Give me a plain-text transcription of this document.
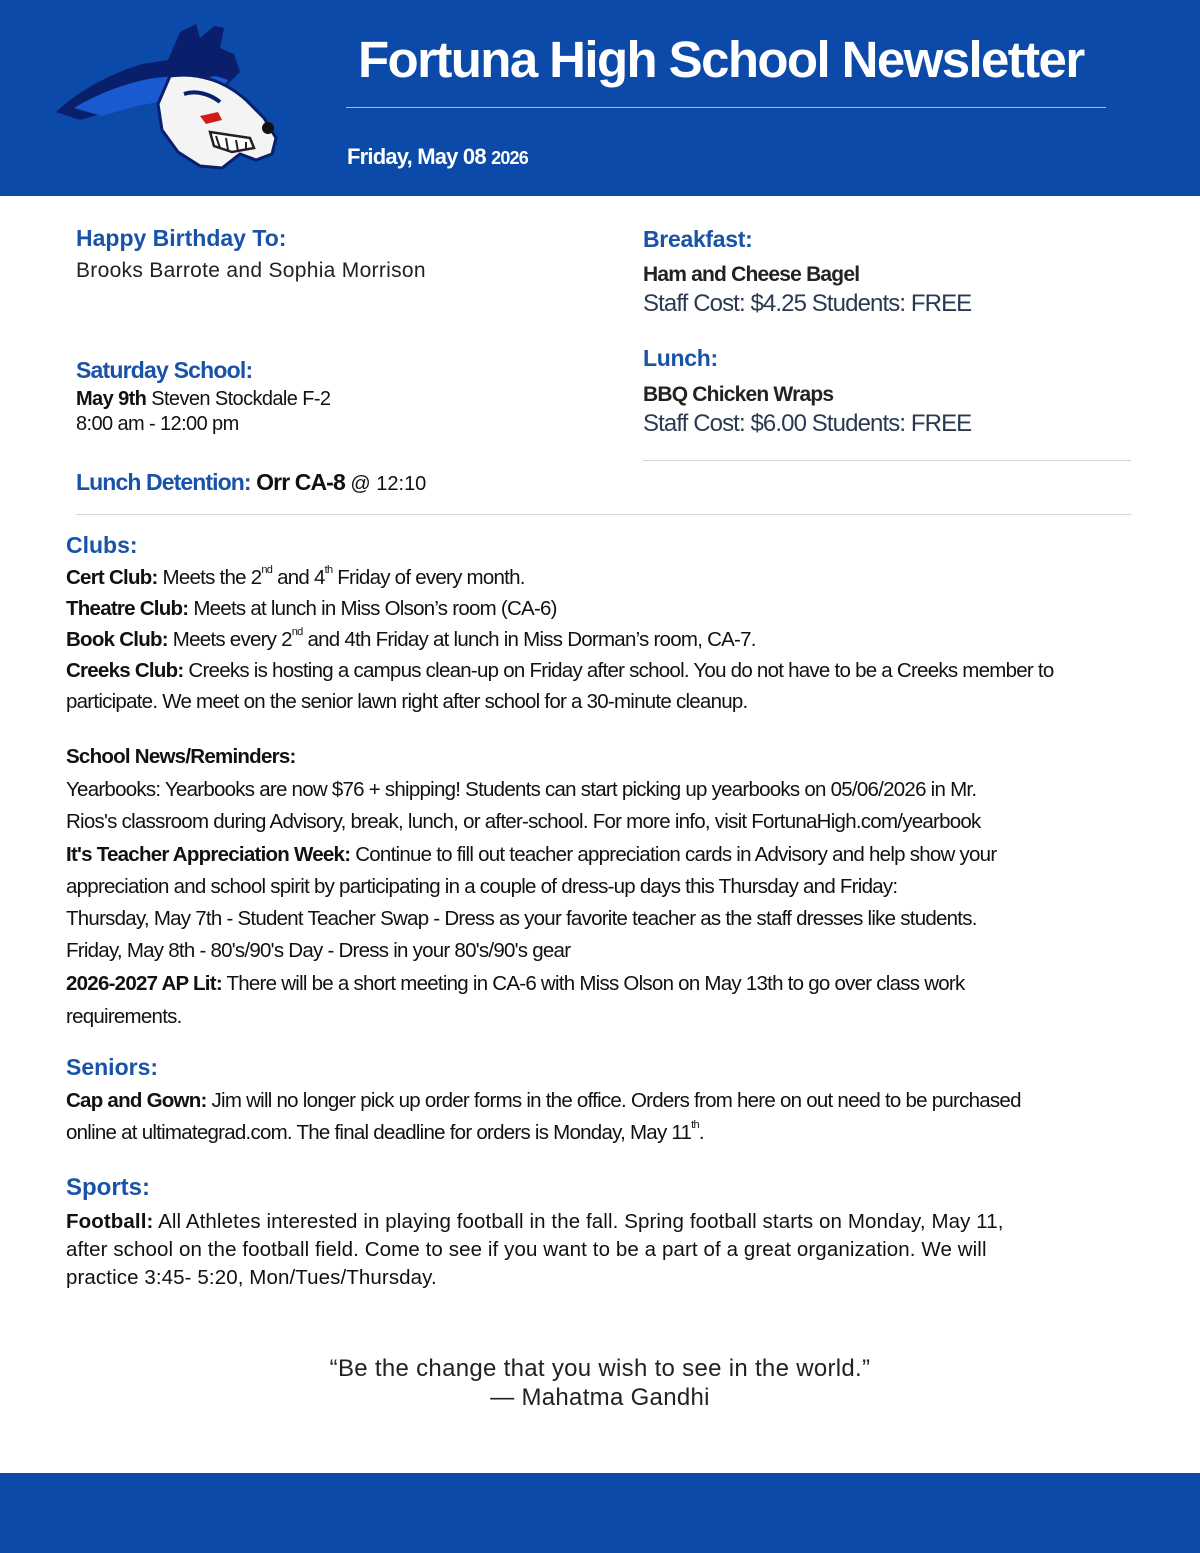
Fortuna High School Newsletter
Friday, May 08 2026
Happy Birthday To:
Brooks Barrote and Sophia Morrison
Saturday School:
May 9th Steven Stockdale F-2
8:00 am - 12:00 pm
Breakfast:
Ham and Cheese Bagel
Staff Cost: $4.25 Students: FREE
Lunch:
BBQ Chicken Wraps
Staff Cost: $6.00 Students: FREE
Lunch Detention: Orr CA-8 @ 12:10
Clubs:
Cert Club: Meets the 2nd and 4th Friday of every month.
Theatre Club: Meets at lunch in Miss Olson’s room (CA-6)
Book Club: Meets every 2nd and 4th Friday at lunch in Miss Dorman’s room, CA-7.
Creeks Club: Creeks is hosting a campus clean-up on Friday after school. You do not have to be a Creeks member to
participate. We meet on the senior lawn right after school for a 30-minute cleanup.
School News/Reminders:
Yearbooks: Yearbooks are now $76 + shipping! Students can start picking up yearbooks on 05/06/2026 in Mr.
Rios's classroom during Advisory, break, lunch, or after-school. For more info, visit FortunaHigh.com/yearbook
It's Teacher Appreciation Week: Continue to fill out teacher appreciation cards in Advisory and help show your
appreciation and school spirit by participating in a couple of dress-up days this Thursday and Friday:
Thursday, May 7th - Student Teacher Swap - Dress as your favorite teacher as the staff dresses like students.
Friday, May 8th - 80's/90's Day - Dress in your 80's/90's gear
2026-2027 AP Lit: There will be a short meeting in CA-6 with Miss Olson on May 13th to go over class work
requirements.
Seniors:
Cap and Gown: Jim will no longer pick up order forms in the office. Orders from here on out need to be purchased
online at ultimategrad.com. The final deadline for orders is Monday, May 11th.
Sports:
Football: All Athletes interested in playing football in the fall. Spring football starts on Monday, May 11,
after school on the football field. Come to see if you want to be a part of a great organization. We will
practice 3:45- 5:20, Mon/Tues/Thursday.
“Be the change that you wish to see in the world.”
— Mahatma Gandhi
